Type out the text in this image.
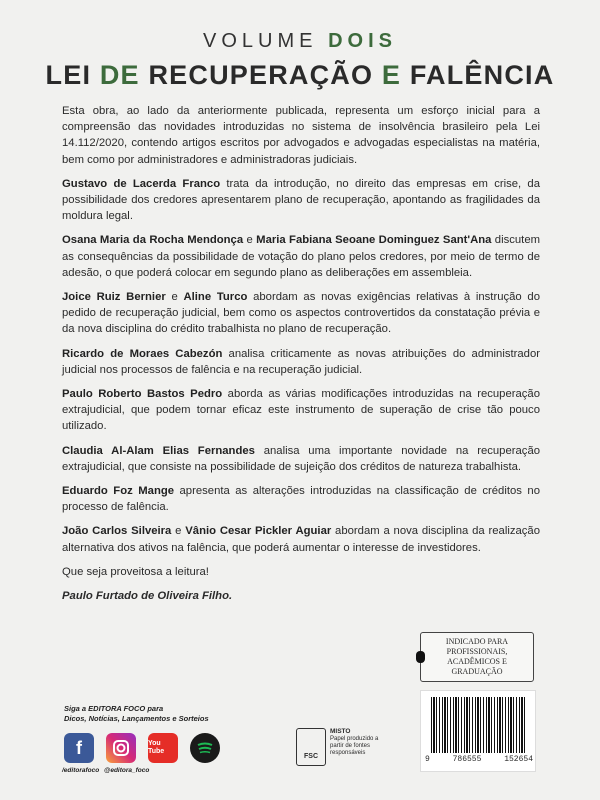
VOLUME DOIS
LEI DE RECUPERAÇÃO E FALÊNCIA

Esta obra, ao lado da anteriormente publicada, representa um esforço inicial para a compreensão das novidades introduzidas no sistema de insolvência brasileiro pela Lei 14.112/2020, contendo artigos escritos por advogados e advogadas especialistas na matéria, bem como por administradores e administradoras judiciais.

Gustavo de Lacerda Franco trata da introdução, no direito das empresas em crise, da possibilidade dos credores apresentarem plano de recuperação, apontando as fragilidades da moldura legal.

Osana Maria da Rocha Mendonça e Maria Fabiana Seoane Dominguez Sant'Ana discutem as consequências da possibilidade de votação do plano pelos credores, por meio de termo de adesão, o que poderá colocar em segundo plano as deliberações em assembleia.

Joice Ruiz Bernier e Aline Turco abordam as novas exigências relativas à instrução do pedido de recuperação judicial, bem como os aspectos controvertidos da constatação prévia e da nova disciplina do crédito trabalhista no plano de recuperação.

Ricardo de Moraes Cabezón analisa criticamente as novas atribuições do administrador judicial nos processos de falência e na recuperação judicial.

Paulo Roberto Bastos Pedro aborda as várias modificações introduzidas na recuperação extrajudicial, que podem tornar eficaz este instrumento de superação de crise tão pouco utilizado.

Claudia Al-Alam Elias Fernandes analisa uma importante novidade na recuperação extrajudicial, que consiste na possibilidade de sujeição dos créditos de natureza trabalhista.

Eduardo Foz Mange apresenta as alterações introduzidas na classificação de créditos no processo de falência.

João Carlos Silveira e Vânio Cesar Pickler Aguiar abordam a nova disciplina da realização alternativa dos ativos na falência, que poderá aumentar o interesse de investidores.

Que seja proveitosa a leitura!

Paulo Furtado de Oliveira Filho.

INDICADO PARA
PROFISSIONAIS,
ACADÊMICOS E
GRADUAÇÃO
Siga a EDITORA FOCO para
Dicos, Notícias, Lançamentos e Sorteios
f	You Tube
/editorafoco @editora_foco
FSC
MISTO
Papel produzido a partir de fontes responsáveis
9	786555	152654
